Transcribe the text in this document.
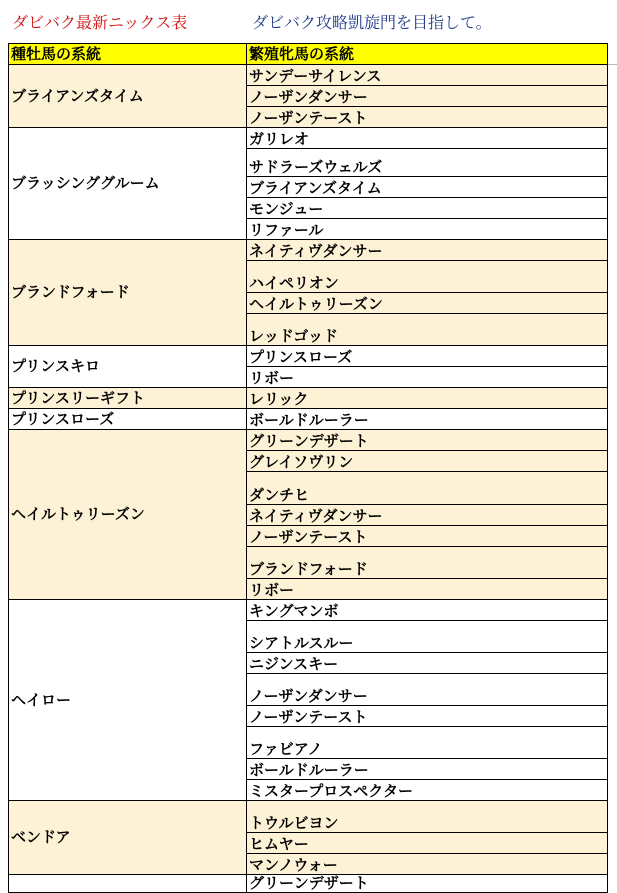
ダビバク最新ニックス表	ダビバク攻略凱旋門を目指して。
種牡馬の系統	繁殖牝馬の系統
ブライアンズタイム	サンデーサイレンス
	ノーザンダンサー
	ノーザンテースト
ブラッシンググルーム	ガリレオ
	サドラーズウェルズ
	ブライアンズタイム
	モンジュー
	リファール
ブランドフォード	ネイティヴダンサー
	ハイペリオン
	ヘイルトゥリーズン
	レッドゴッド
プリンスキロ	プリンスローズ
	リボー
プリンスリーギフト	レリック
プリンスローズ	ボールドルーラー
ヘイルトゥリーズン	グリーンデザート
	グレイソヴリン
	ダンチヒ
	ネイティヴダンサー
	ノーザンテースト
	ブランドフォード
	リボー
ヘイロー	キングマンボ
	シアトルスルー
	ニジンスキー
	ノーザンダンサー
	ノーザンテースト
	ファビアノ
	ボールドルーラー
	ミスタープロスペクター
ベンドア	トウルビヨン
	ヒムヤー
	マンノウォー
	グリーンデザート
